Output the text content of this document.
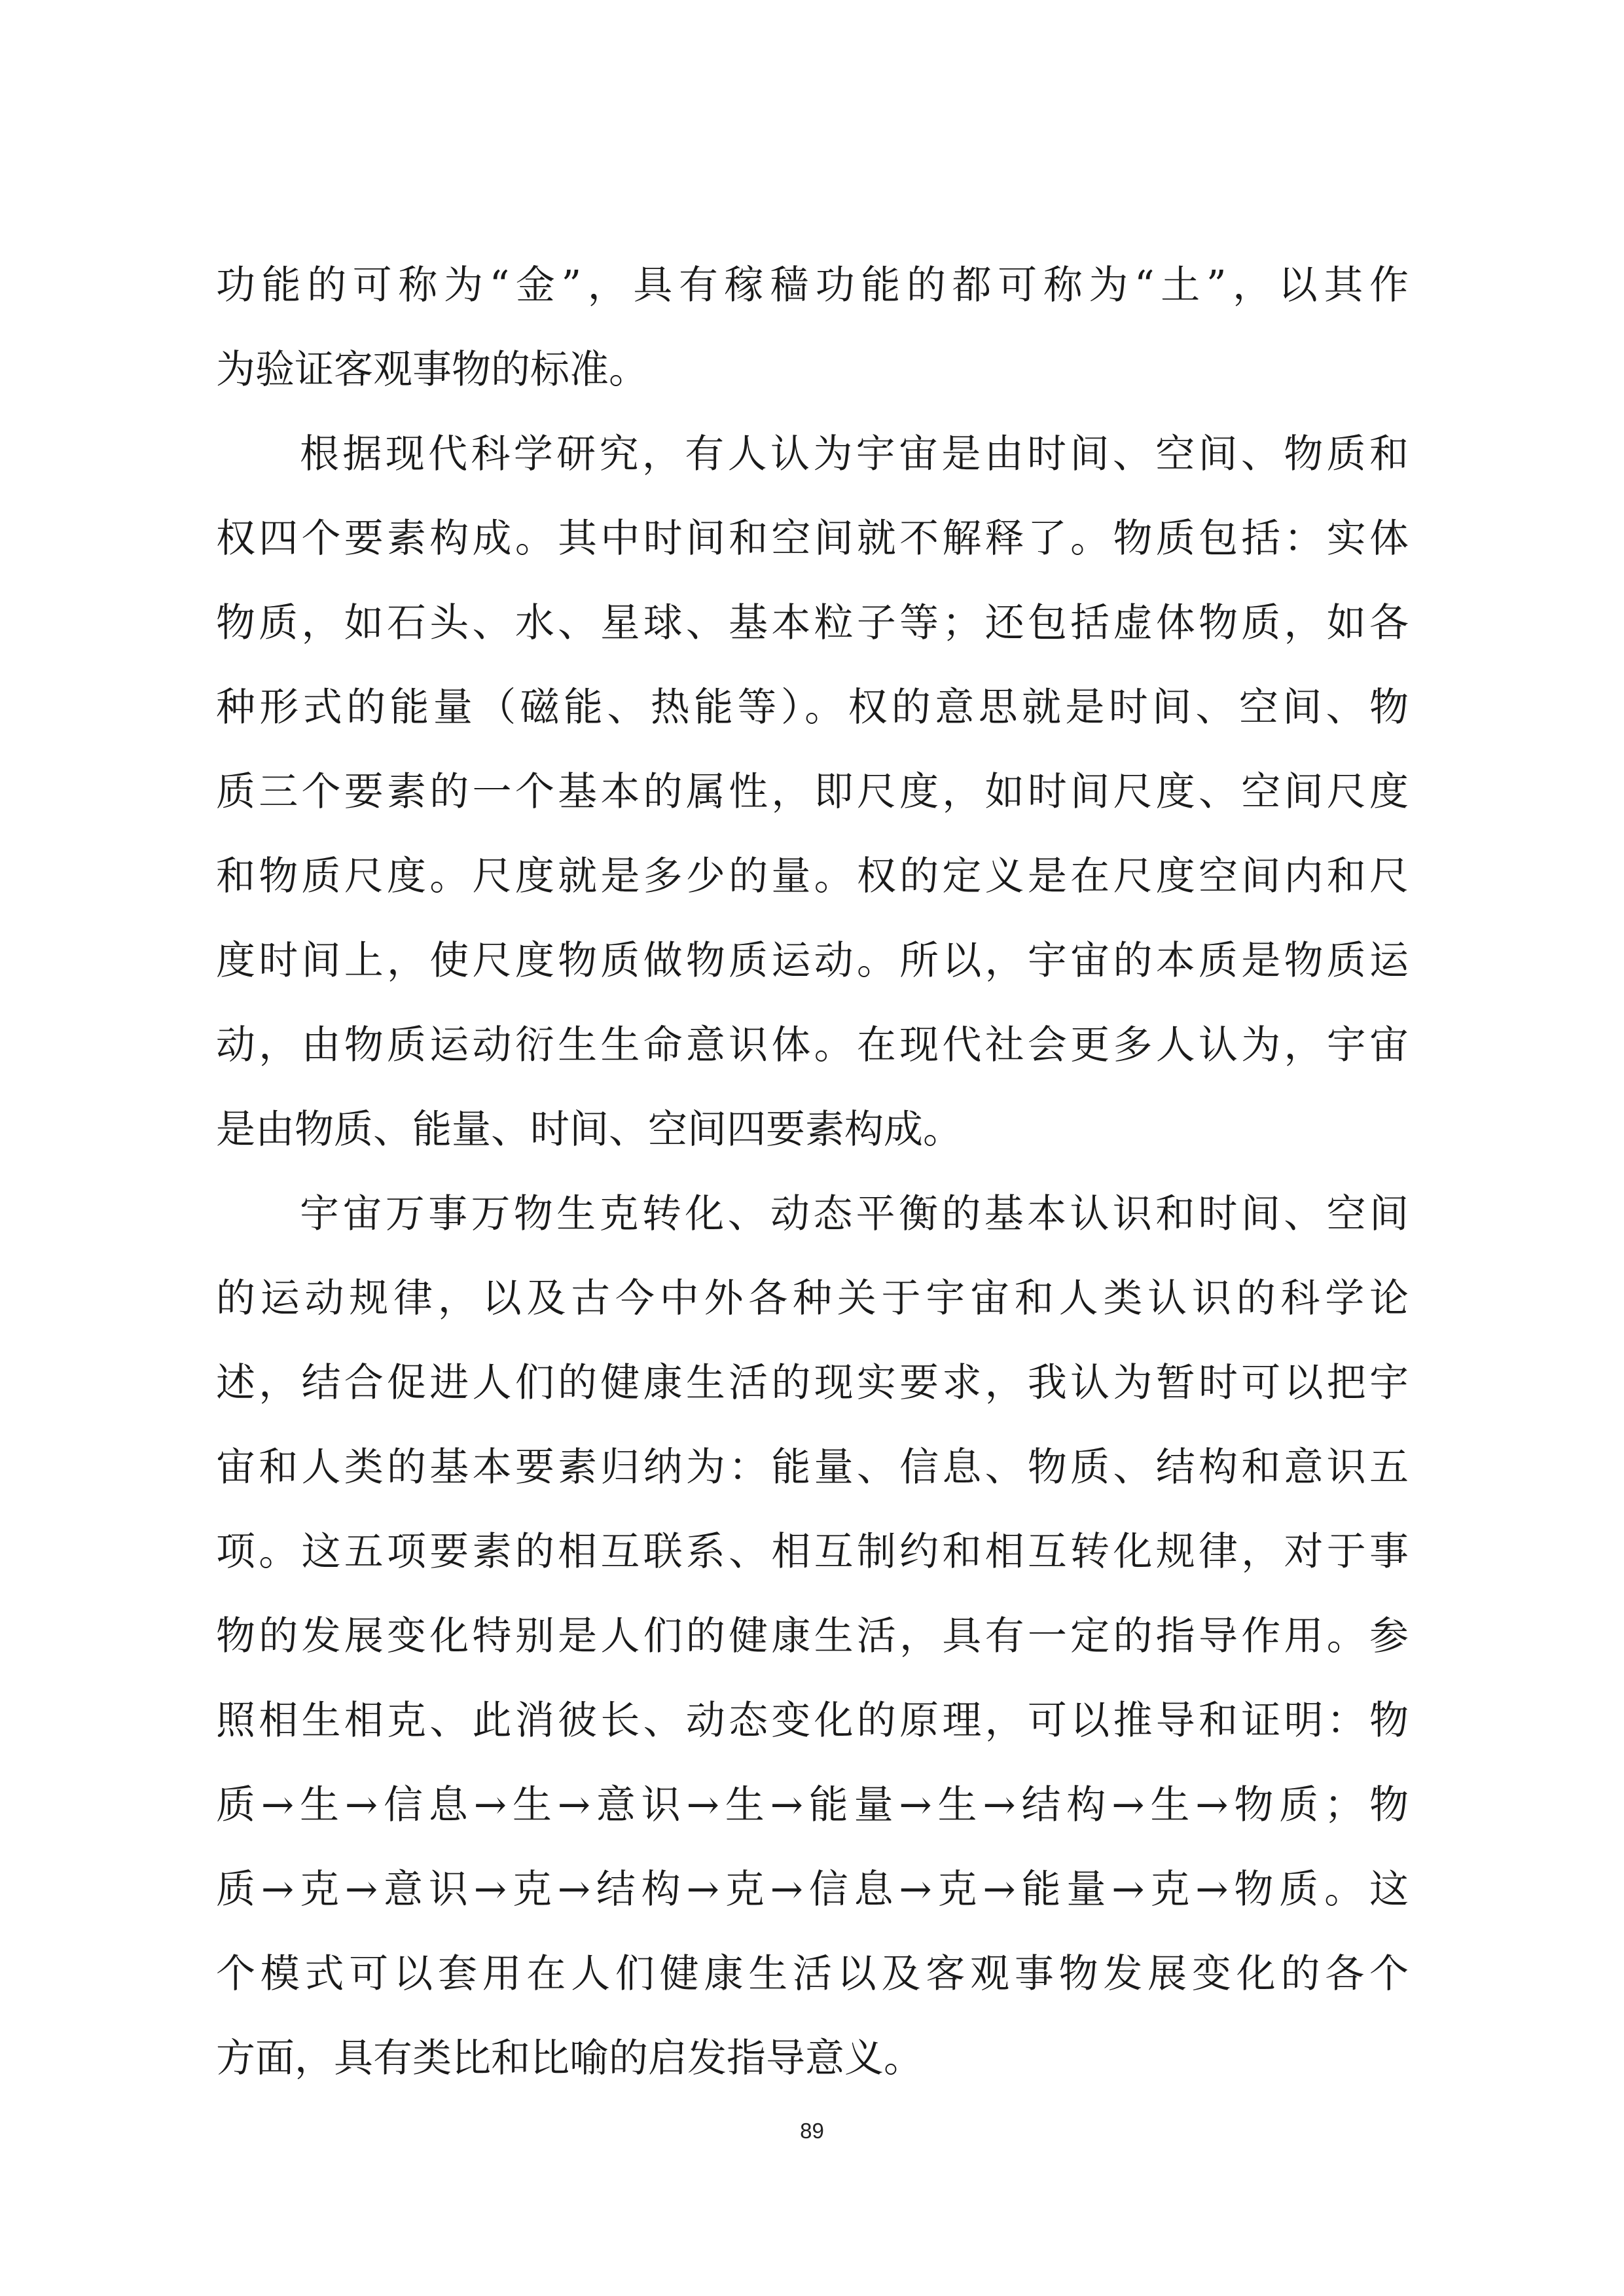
功能的可称为“金”，具有稼穑功能的都可称为“土”，以其作
为验证客观事物的标准。
根据现代科学研究，有人认为宇宙是由时间、空间、物质和
权四个要素构成。其中时间和空间就不解释了。物质包括：实体
物质，如石头、水、星球、基本粒子等；还包括虚体物质，如各
种形式的能量（磁能、热能等）。权的意思就是时间、空间、物
质三个要素的一个基本的属性，即尺度，如时间尺度、空间尺度
和物质尺度。尺度就是多少的量。权的定义是在尺度空间内和尺
度时间上，使尺度物质做物质运动。所以，宇宙的本质是物质运
动，由物质运动衍生生命意识体。在现代社会更多人认为，宇宙
是由物质、能量、时间、空间四要素构成。
宇宙万事万物生克转化、动态平衡的基本认识和时间、空间
的运动规律，以及古今中外各种关于宇宙和人类认识的科学论
述，结合促进人们的健康生活的现实要求，我认为暂时可以把宇
宙和人类的基本要素归纳为：能量、信息、物质、结构和意识五
项。这五项要素的相互联系、相互制约和相互转化规律，对于事
物的发展变化特别是人们的健康生活，具有一定的指导作用。参
照相生相克、此消彼长、动态变化的原理，可以推导和证明：物
质→生→信息→生→意识→生→能量→生→结构→生→物质；物
质→克→意识→克→结构→克→信息→克→能量→克→物质。这
个模式可以套用在人们健康生活以及客观事物发展变化的各个
方面，具有类比和比喻的启发指导意义。
89
